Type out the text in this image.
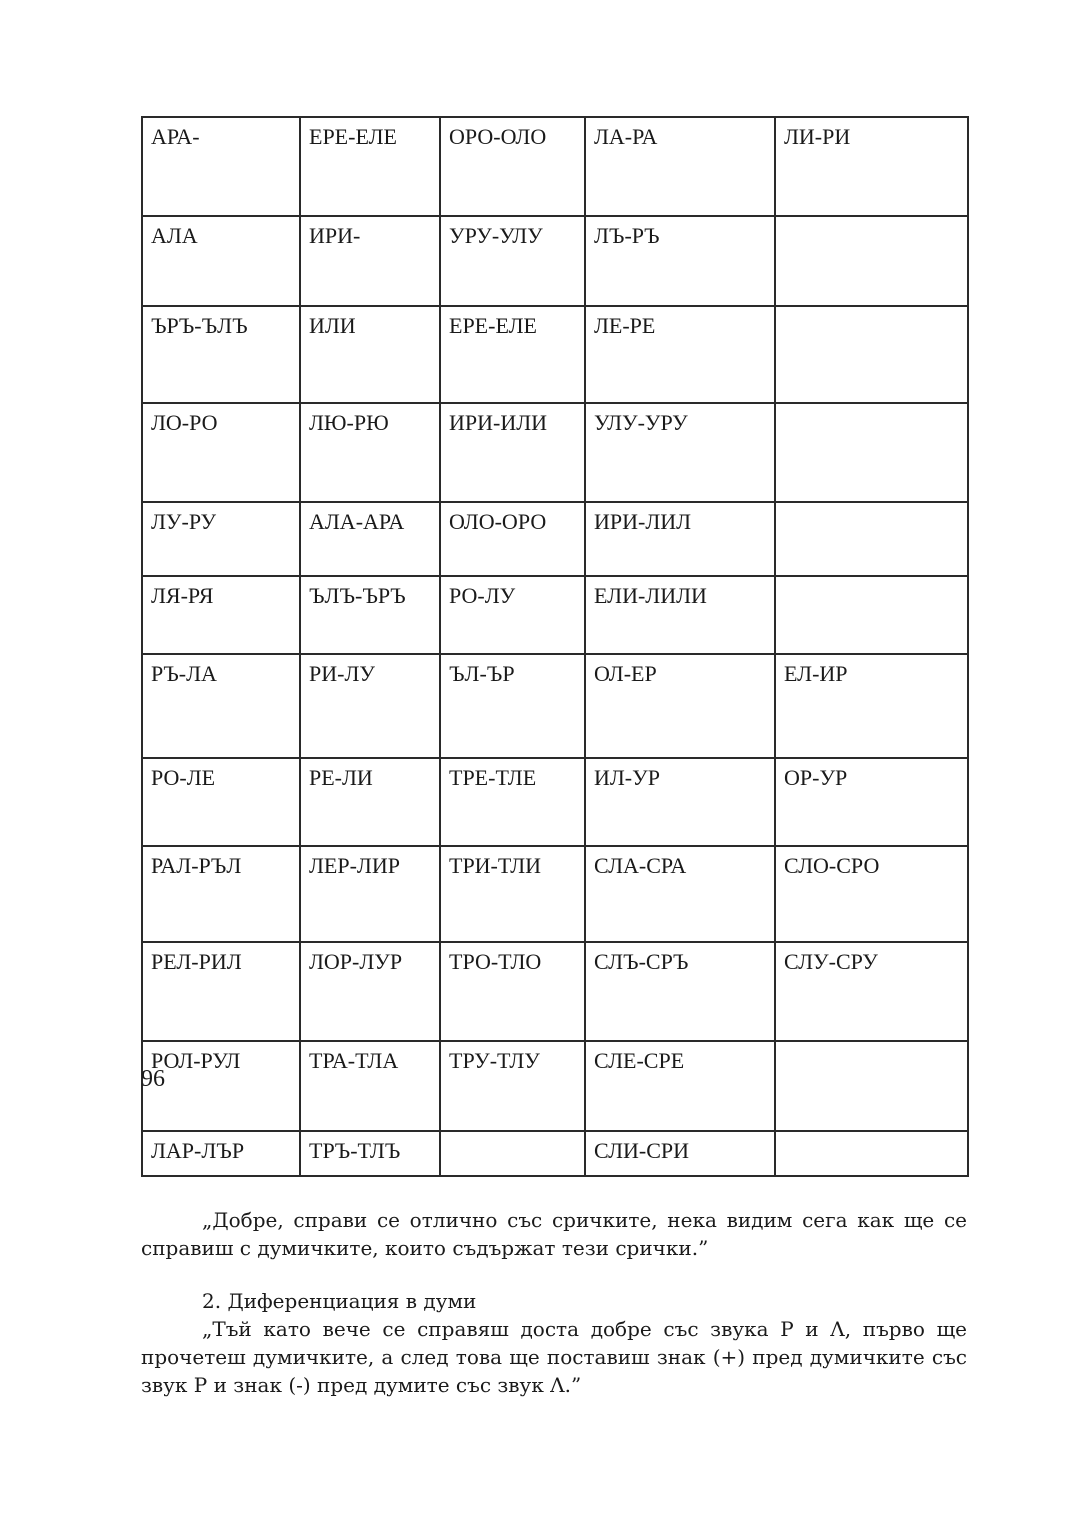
АРА-	ЕРЕ-ЕЛЕ	ОРО-ОЛО	ЛА-РА	ЛИ-РИ
АЛА	ИРИ-	УРУ-УЛУ	ЛЪ-РЪ	
ЪРЪ-ЪЛЪ	ИЛИ	ЕРЕ-ЕЛЕ	ЛЕ-РЕ	
ЛО-РО	ЛЮ-РЮ	ИРИ-ИЛИ	УЛУ-УРУ	
ЛУ-РУ	АЛА-АРА	ОЛО-ОРО	ИРИ-ЛИЛ	
ЛЯ-РЯ	ЪЛЪ-ЪРЪ	РО-ЛУ	ЕЛИ-ЛИЛИ	
РЪ-ЛА	РИ-ЛУ	ЪЛ-ЪР	ОЛ-ЕР	ЕЛ-ИР
РО-ЛЕ	РЕ-ЛИ	ТРЕ-ТЛЕ	ИЛ-УР	ОР-УР
РАЛ-РЪЛ	ЛЕР-ЛИР	ТРИ-ТЛИ	СЛА-СРА	СЛО-СРО
РЕЛ-РИЛ	ЛОР-ЛУР	ТРО-ТЛО	СЛЪ-СРЪ	СЛУ-СРУ
РОЛ-РУЛ	ТРА-ТЛА	ТРУ-ТЛУ	СЛЕ-СРЕ	
ЛАР-ЛЪР	ТРЪ-ТЛЪ		СЛИ-СРИ	

„Добре, справи се отлично със сричките, нека видим сега как ще се справиш с думичките, които съдържат тези срички.”

2. Диференциация в думи

„Тъй като вече се справяш доста добре със звука Р и Λ, първо ще прочетеш думичките, а след това ще поставиш знак (+) пред думичките със звук Р и знак (-) пред думите със звук Λ.”

96
